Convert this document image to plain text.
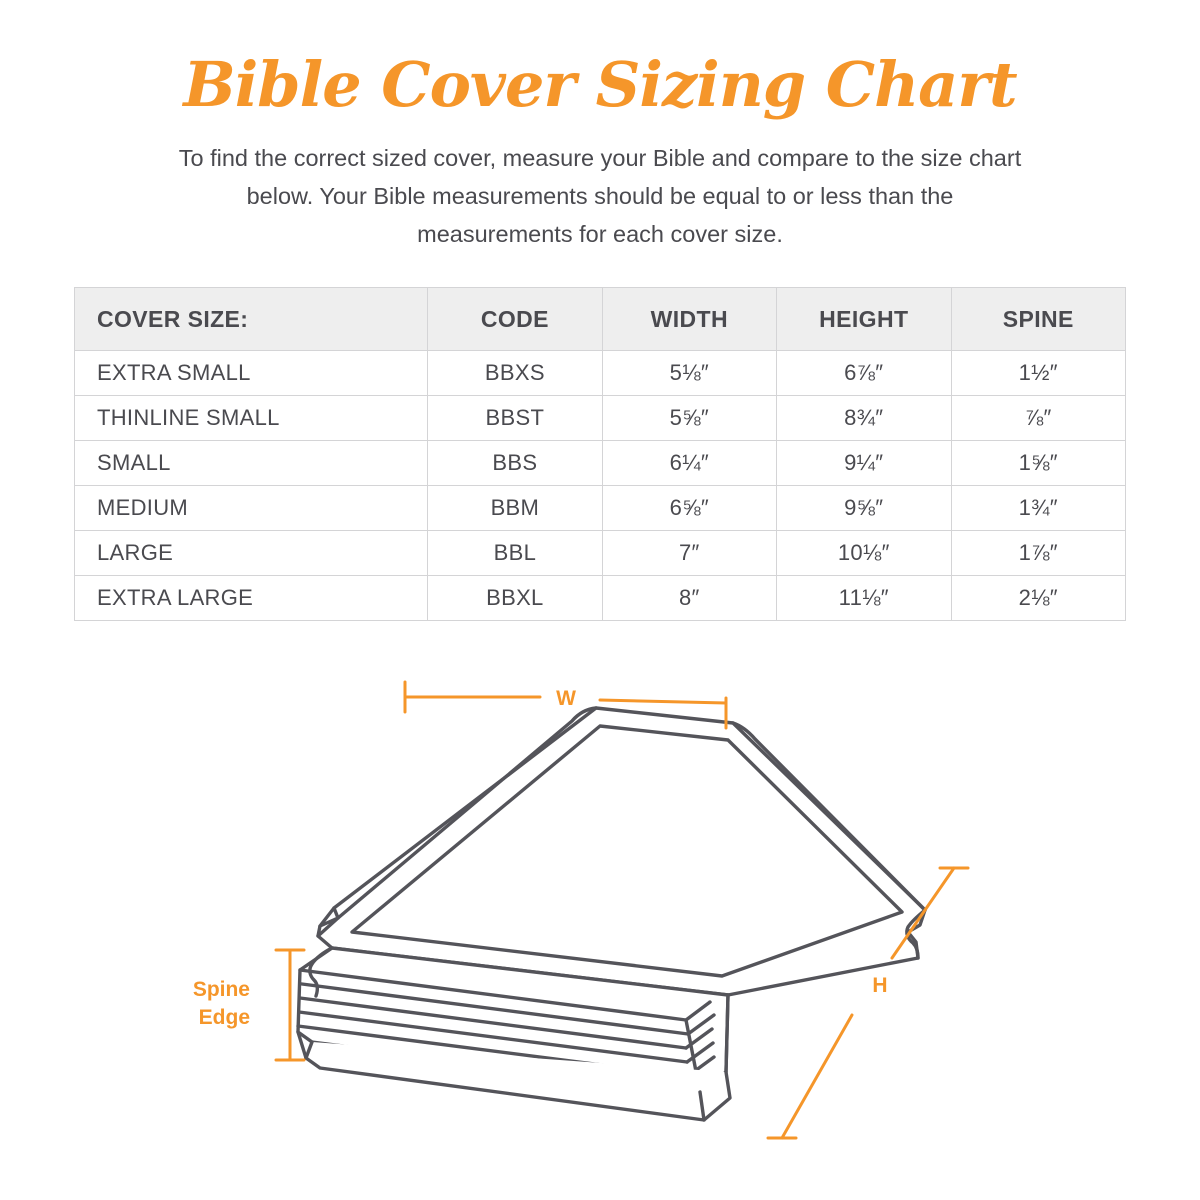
Bible Cover Sizing Chart
To find the correct sized cover, measure your Bible and compare to the size chart below. Your Bible measurements should be equal to or less than the measurements for each cover size.
COVER SIZE:	CODE	WIDTH	HEIGHT	SPINE
EXTRA SMALL	BBXS	5⅛″	6⅞″	1½″
THINLINE SMALL	BBST	5⅝″	8¾″	⅞″
SMALL	BBS	6¼″	9¼″	1⅝″
MEDIUM	BBM	6⅝″	9⅝″	1¾″
LARGE	BBL	7″	10⅛″	1⅞″
EXTRA LARGE	BBXL	8″	11⅛″	2⅛″
W
H
Spine
Edge
